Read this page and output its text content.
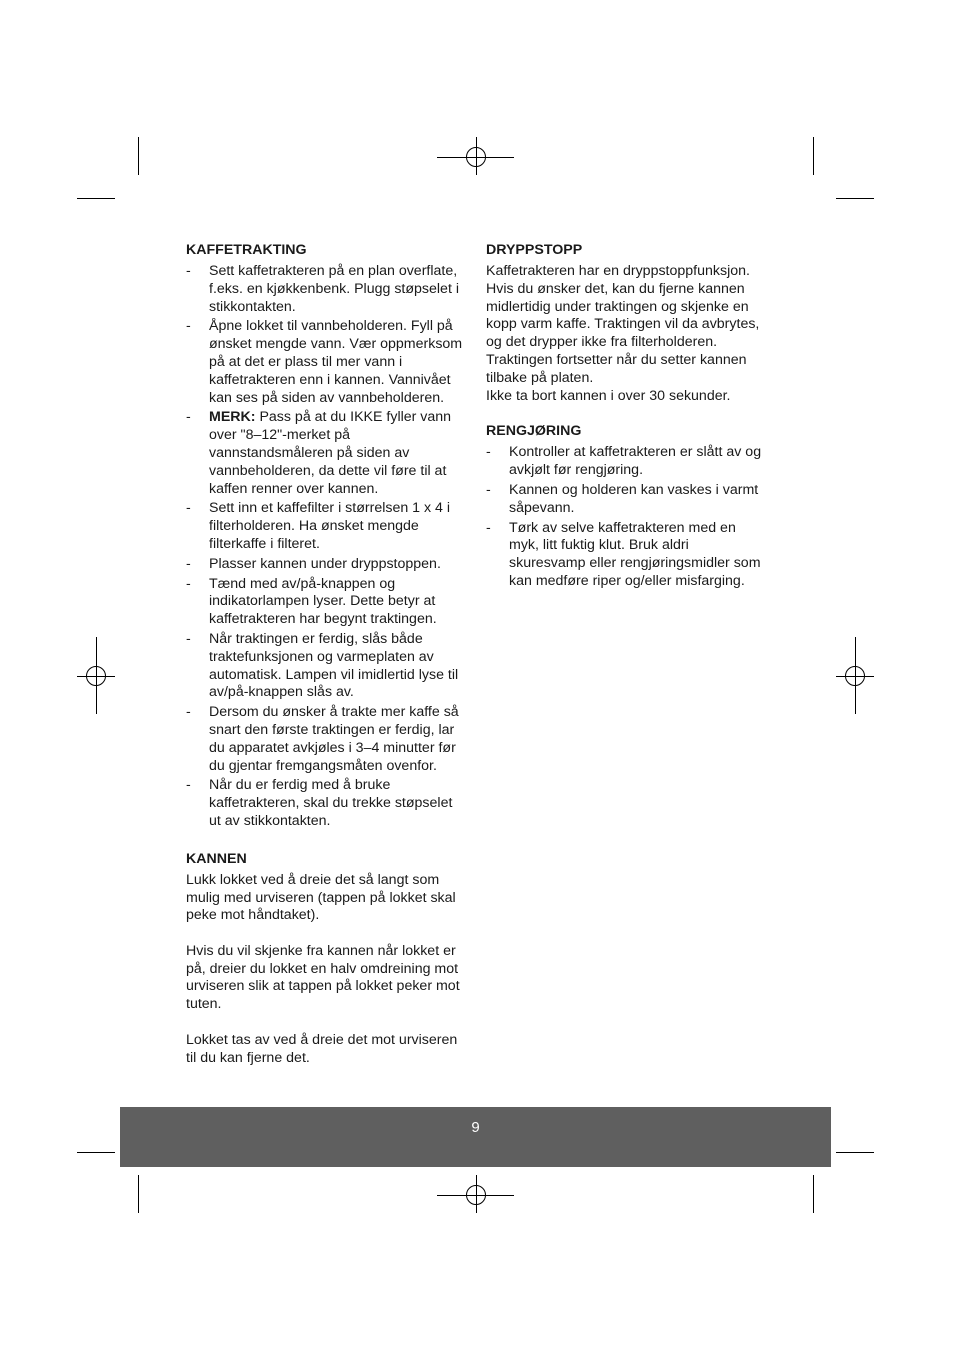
KAFFETRAKTING
- Sett kaffetrakteren på en plan overflate, f.eks. en kjøkkenbenk. Plugg støpselet i stikkontakten.
- Åpne lokket til vannbeholderen. Fyll på ønsket mengde vann. Vær oppmerksom på at det er plass til mer vann i kaffetrakteren enn i kannen. Vannivået kan ses på siden av vannbeholderen.
- MERK: Pass på at du IKKE fyller vann over "8–12"-merket på vannstandsmåleren på siden av vannbeholderen, da dette vil føre til at kaffen renner over kannen.
- Sett inn et kaffefilter i størrelsen 1 x 4 i filterholderen. Ha ønsket mengde filterkaffe i filteret.
- Plasser kannen under dryppstoppen.
- Tænd med av/på-knappen og indikatorlampen lyser. Dette betyr at kaffetrakteren har begynt traktingen.
- Når traktingen er ferdig, slås både traktefunksjonen og varmeplaten av automatisk. Lampen vil imidlertid lyse til av/på-knappen slås av.
- Dersom du ønsker å trakte mer kaffe så snart den første traktingen er ferdig, lar du apparatet avkjøles i 3–4 minutter før du gjentar fremgangsmåten ovenfor.
- Når du er ferdig med å bruke kaffetrakteren, skal du trekke støpselet ut av stikkontakten.
KANNEN

Lukk lokket ved å dreie det så langt som mulig med urviseren (tappen på lokket skal peke mot håndtaket).

Hvis du vil skjenke fra kannen når lokket er på, dreier du lokket en halv omdreining mot urviseren slik at tappen på lokket peker mot tuten.

Lokket tas av ved å dreie det mot urviseren til du kan fjerne det.

DRYPPSTOPP

Kaffetrakteren har en dryppstoppfunksjon. Hvis du ønsker det, kan du fjerne kannen midlertidig under traktingen og skjenke en kopp varm kaffe. Traktingen vil da avbrytes, og det drypper ikke fra filterholderen. Traktingen fortsetter når du setter kannen tilbake på platen.

Ikke ta bort kannen i over 30 sekunder.

RENGJØRING
- Kontroller at kaffetrakteren er slått av og avkjølt før rengjøring.
- Kannen og holderen kan vaskes i varmt såpevann.
- Tørk av selve kaffetrakteren med en myk, litt fuktig klut. Bruk aldri skuresvamp eller rengjøringsmidler som kan medføre riper og/eller misfarging.
9
